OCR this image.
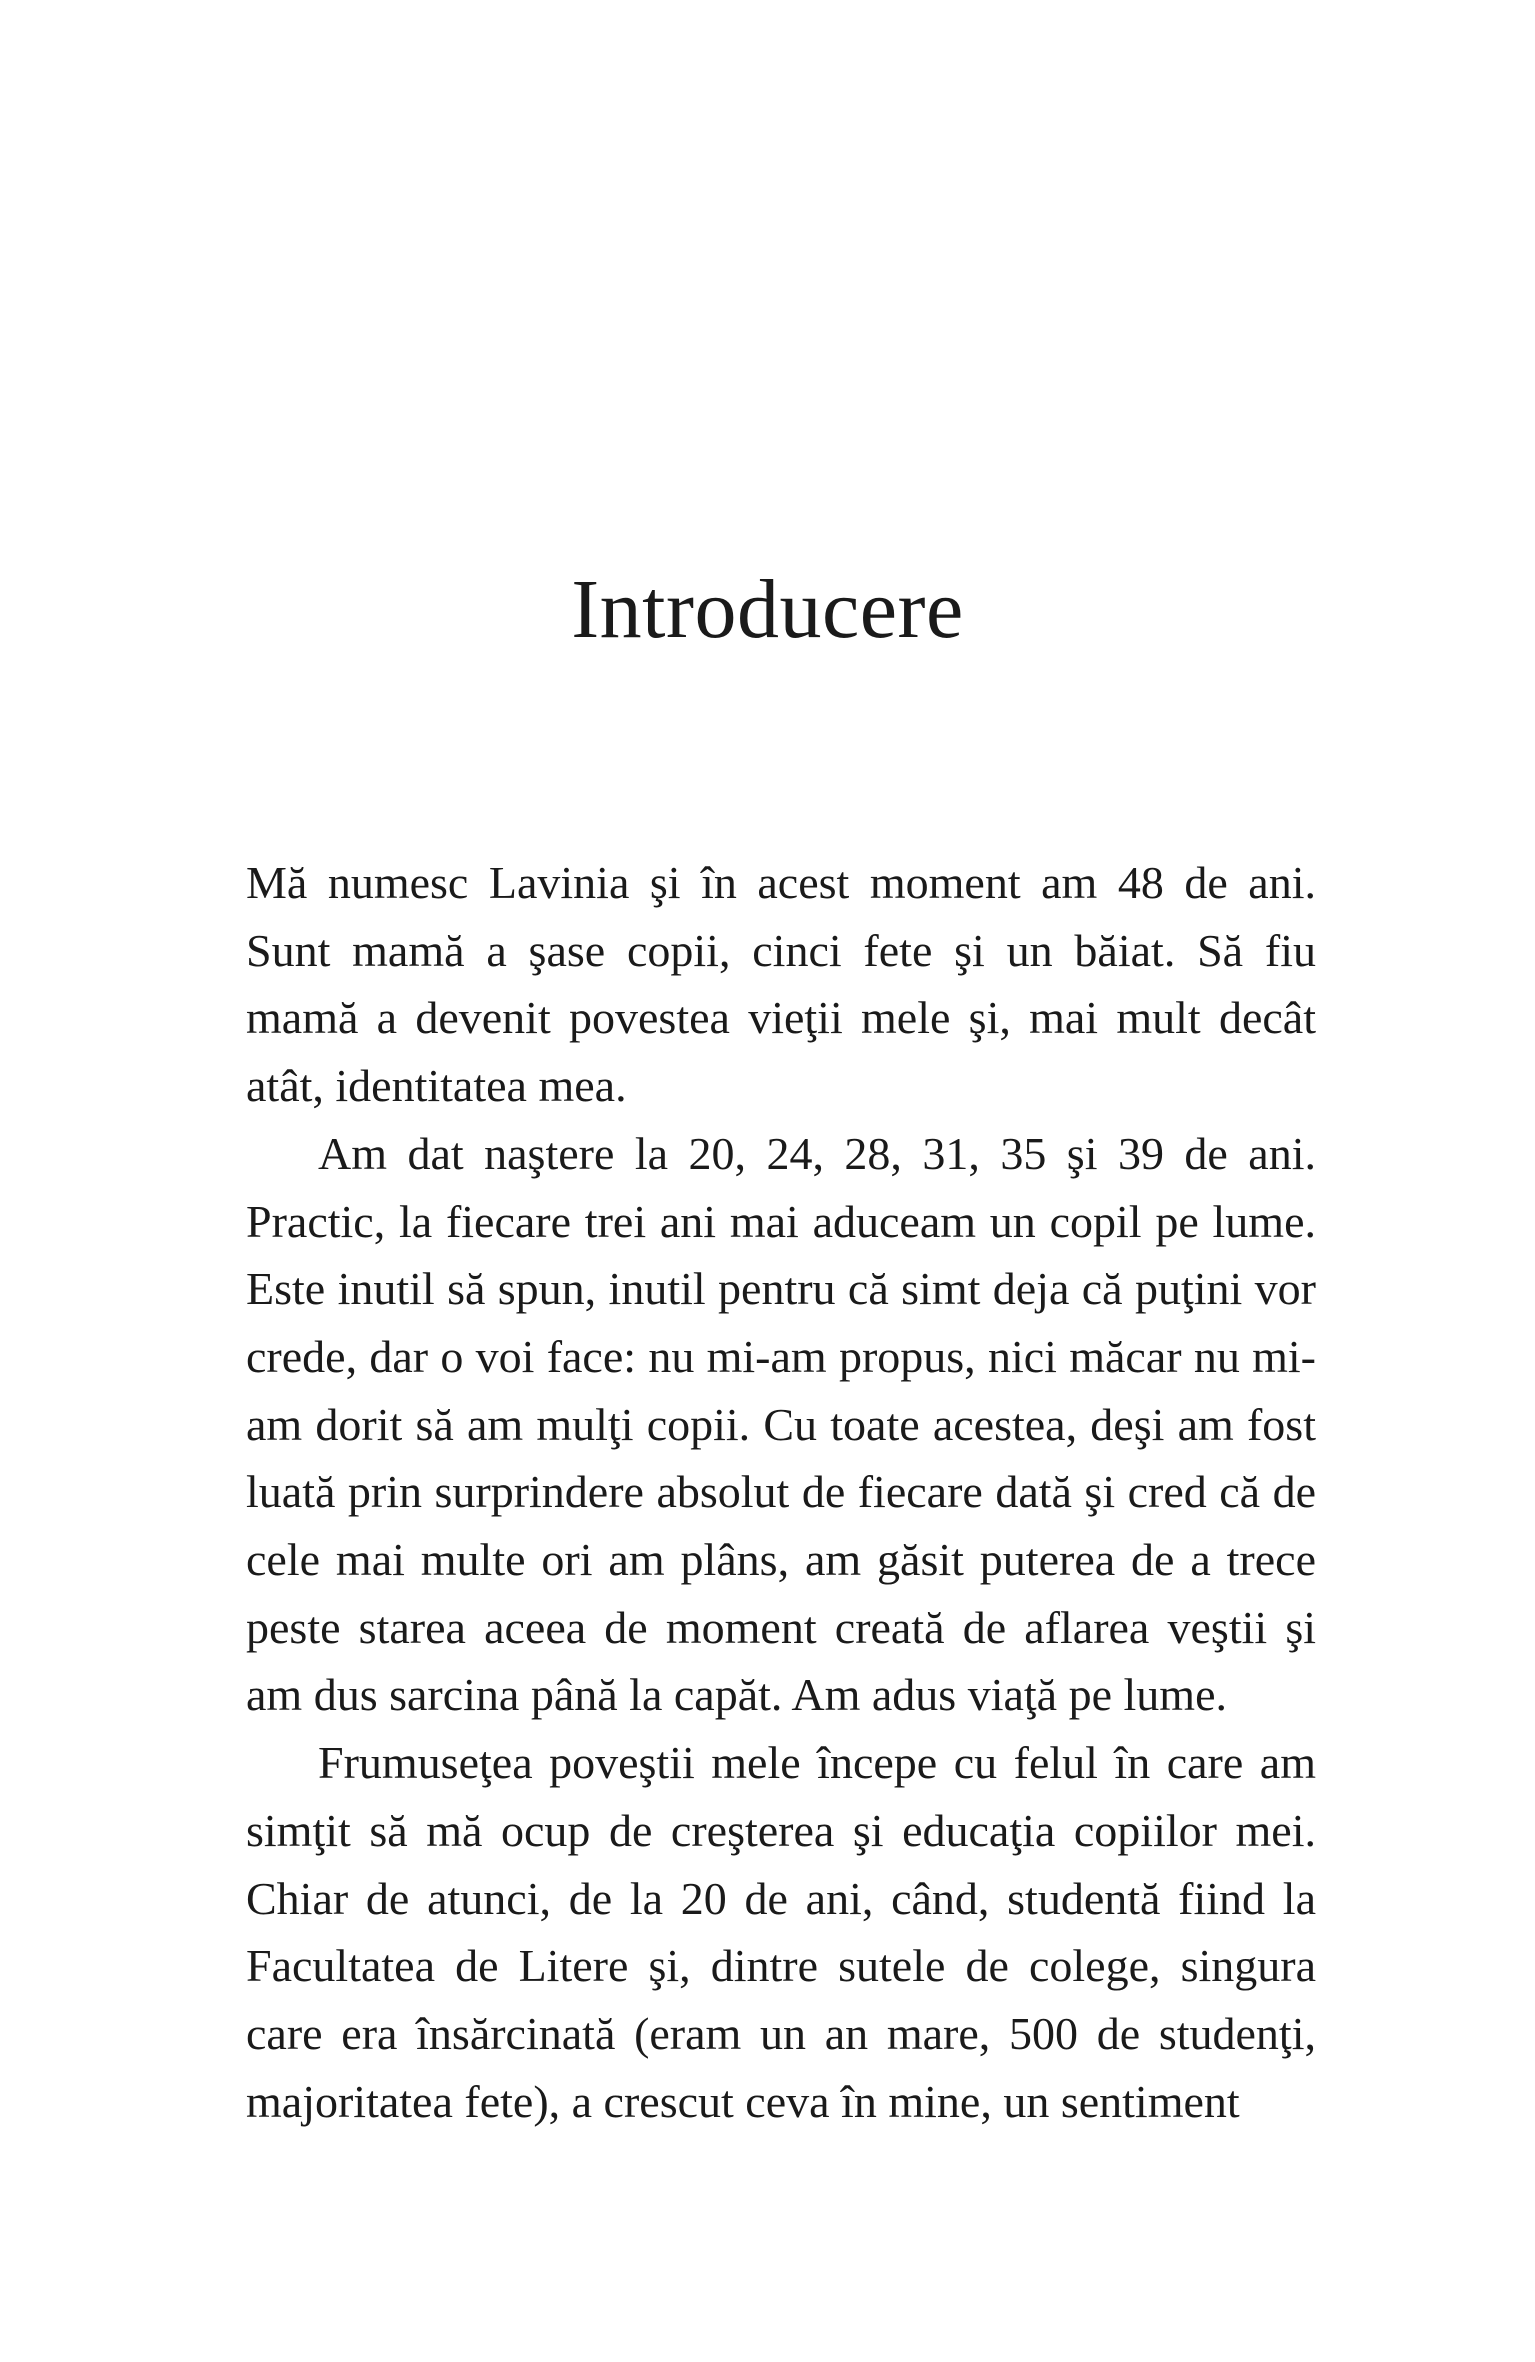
Introducere

Mă numesc Lavinia şi în acest moment am 48 de ani. Sunt mamă a şase copii, cinci fete şi un băiat. Să fiu mamă a devenit povestea vieţii mele şi, mai mult decât atât, identitatea mea.

Am dat naştere la 20, 24, 28, 31, 35 şi 39 de ani. Practic, la fiecare trei ani mai aduceam un copil pe lume. Este inutil să spun, inutil pentru că simt deja că puţini vor crede, dar o voi face: nu mi-am propus, nici măcar nu mi-am dorit să am mulţi copii. Cu toate acestea, deşi am fost luată prin surprindere absolut de fiecare dată şi cred că de cele mai multe ori am plâns, am găsit puterea de a trece peste starea aceea de moment creată de aflarea veştii şi am dus sarcina până la capăt. Am adus viaţă pe lume.

Frumuseţea poveştii mele începe cu felul în care am simţit să mă ocup de creşterea şi educaţia copiilor mei. Chiar de atunci, de la 20 de ani, când, studentă fiind la Facultatea de Litere şi, dintre sutele de colege, singura care era însărcinată (eram un an mare, 500 de studenţi, majoritatea fete), a crescut ceva în mine, un sentiment
